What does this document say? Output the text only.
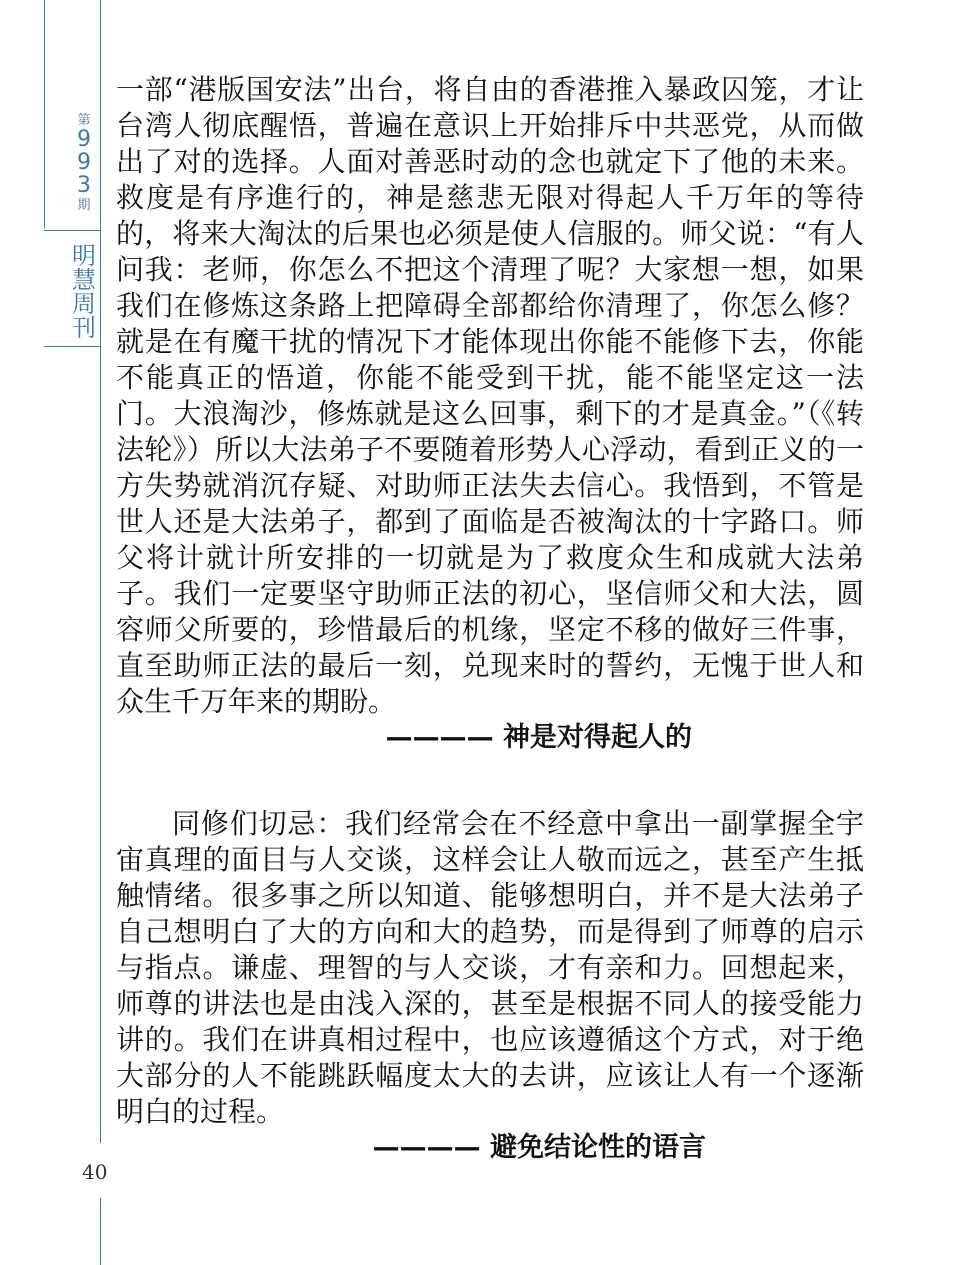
第
9
9
3
期
明
慧
周
刊
40

一部“港版国安法”出台，将自由的香港推入暴政囚笼，才让台湾人彻底醒悟，普遍在意识上开始排斥中共恶党，从而做出了对的选择。人面对善恶时动的念也就定下了他的未来。救度是有序進行的，神是慈悲无限对得起人千万年的等待的，将来大淘汰的后果也必须是使人信服的。师父说：“有人问我：老师，你怎么不把这个清理了呢？大家想一想，如果我们在修炼这条路上把障碍全部都给你清理了，你怎么修？就是在有魔干扰的情况下才能体现出你能不能修下去，你能不能真正的悟道，你能不能受到干扰，能不能坚定这一法门。大浪淘沙，修炼就是这么回事，剩下的才是真金。”（《转法轮》）所以大法弟子不要随着形势人心浮动，看到正义的一方失势就消沉存疑、对助师正法失去信心。我悟到，不管是世人还是大法弟子，都到了面临是否被淘汰的十字路口。师父将计就计所安排的一切就是为了救度众生和成就大法弟子。我们一定要坚守助师正法的初心，坚信师父和大法，圆容师父所要的，珍惜最后的机缘，坚定不移的做好三件事，直至助师正法的最后一刻，兑现来时的誓约，无愧于世人和众生千万年来的期盼。

———— 神是对得起人的

同修们切忌：我们经常会在不经意中拿出一副掌握全宇宙真理的面目与人交谈，这样会让人敬而远之，甚至产生抵触情绪。很多事之所以知道、能够想明白，并不是大法弟子自己想明白了大的方向和大的趋势，而是得到了师尊的启示与指点。谦虚、理智的与人交谈，才有亲和力。回想起来，师尊的讲法也是由浅入深的，甚至是根据不同人的接受能力讲的。我们在讲真相过程中，也应该遵循这个方式，对于绝大部分的人不能跳跃幅度太大的去讲，应该让人有一个逐渐明白的过程。

———— 避免结论性的语言
